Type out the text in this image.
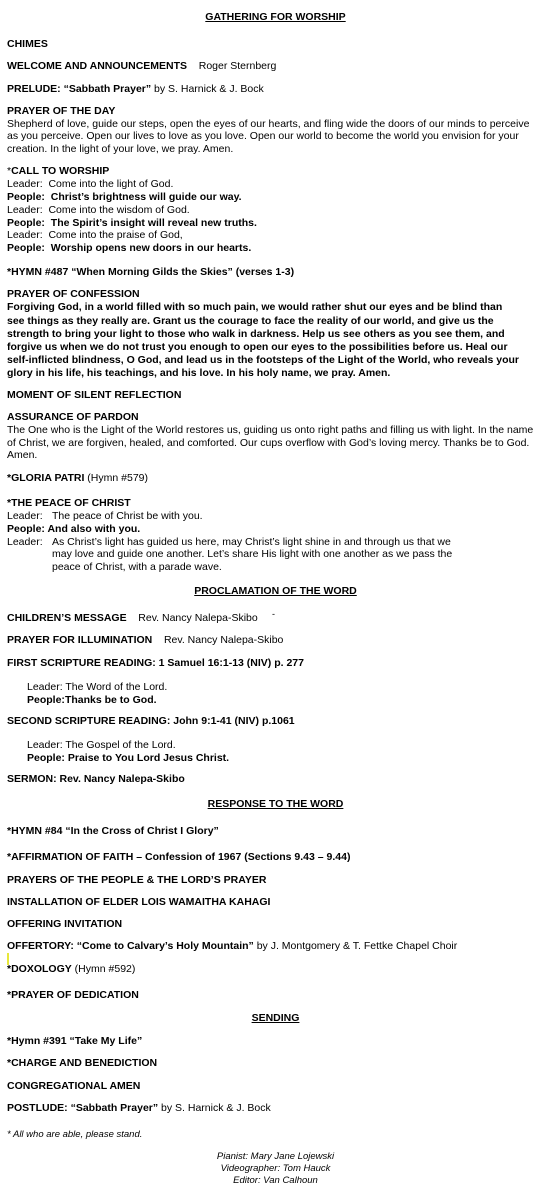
GATHERING FOR WORSHIP
CHIMES
WELCOME AND ANNOUNCEMENTS Roger Sternberg
PRELUDE: “Sabbath Prayer” by S. Harnick & J. Bock
PRAYER OF THE DAY
Shepherd of love, guide our steps, open the eyes of our hearts, and fling wide the doors of our minds to perceive
as you perceive. Open our lives to love as you love. Open our world to become the world you envision for your
creation. In the light of your love, we pray. Amen.
*CALL TO WORSHIP
Leader: Come into the light of God.
People: Christ’s brightness will guide our way.
Leader: Come into the wisdom of God.
People: The Spirit’s insight will reveal new truths.
Leader: Come into the praise of God,
People: Worship opens new doors in our hearts.
*HYMN #487 “When Morning Gilds the Skies” (verses 1-3)
PRAYER OF CONFESSION
Forgiving God, in a world filled with so much pain, we would rather shut our eyes and be blind than
see things as they really are. Grant us the courage to face the reality of our world, and give us the
strength to bring your light to those who walk in darkness. Help us see others as you see them, and
forgive us when we do not trust you enough to open our eyes to the possibilities before us. Heal our
self-inflicted blindness, O God, and lead us in the footsteps of the Light of the World, who reveals your
glory in his life, his teachings, and his love. In his holy name, we pray. Amen.
MOMENT OF SILENT REFLECTION
ASSURANCE OF PARDON
The One who is the Light of the World restores us, guiding us onto right paths and filling us with light. In the name
of Christ, we are forgiven, healed, and comforted. Our cups overflow with God’s loving mercy. Thanks be to God.
Amen.
*GLORIA PATRI (Hymn #579)
*THE PEACE OF CHRIST
Leader: The peace of Christ be with you.
People: And also with you.
Leader: As Christ’s light has guided us here, may Christ’s light shine in and through us that we
may love and guide one another. Let’s share His light with one another as we pass the
peace of Christ, with a parade wave.
PROCLAMATION OF THE WORD
CHILDREN’S MESSAGE Rev. Nancy Nalepa-Skibo -
PRAYER FOR ILLUMINATION Rev. Nancy Nalepa-Skibo
FIRST SCRIPTURE READING: 1 Samuel 16:1-13 (NIV) p. 277
Leader: The Word of the Lord.
People:Thanks be to God.
SECOND SCRIPTURE READING: John 9:1-41 (NIV) p.1061
Leader: The Gospel of the Lord.
People: Praise to You Lord Jesus Christ.
SERMON: Rev. Nancy Nalepa-Skibo
RESPONSE TO THE WORD
*HYMN #84 “In the Cross of Christ I Glory”
*AFFIRMATION OF FAITH – Confession of 1967 (Sections 9.43 – 9.44)
PRAYERS OF THE PEOPLE & THE LORD’S PRAYER
INSTALLATION OF ELDER LOIS WAMAITHA KAHAGI
OFFERING INVITATION
OFFERTORY: “Come to Calvary’s Holy Mountain” by J. Montgomery & T. Fettke Chapel Choir
*DOXOLOGY (Hymn #592)
*PRAYER OF DEDICATION
SENDING
*Hymn #391 “Take My Life”
*CHARGE AND BENEDICTION
CONGREGATIONAL AMEN
POSTLUDE: “Sabbath Prayer” by S. Harnick & J. Bock
* All who are able, please stand.
Pianist: Mary Jane Lojewski
Videographer: Tom Hauck
Editor: Van Calhoun
